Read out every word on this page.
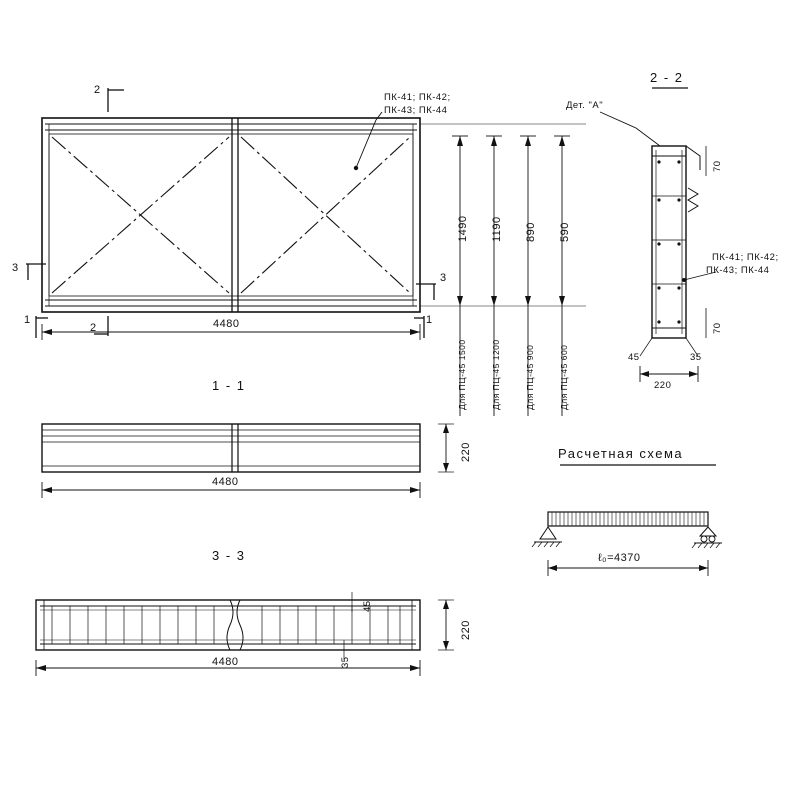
2
2
3
3
1	1
ПК-41; ПК-42;
ПК-43; ПК-44
4480
1490 1190 890 590
Для ПЦ-45 1500	Для ПЦ-45 1200	Для ПЦ-45 900	Для ПЦ-45 600
1 - 1
220
4480
3 - 3
220
4480
45
35
2 - 2
Дет. "А"
70
70
45	35
220
ПК-41; ПК-42;
ПК-43; ПК-44
Расчетная схема
ℓ₀=4370
